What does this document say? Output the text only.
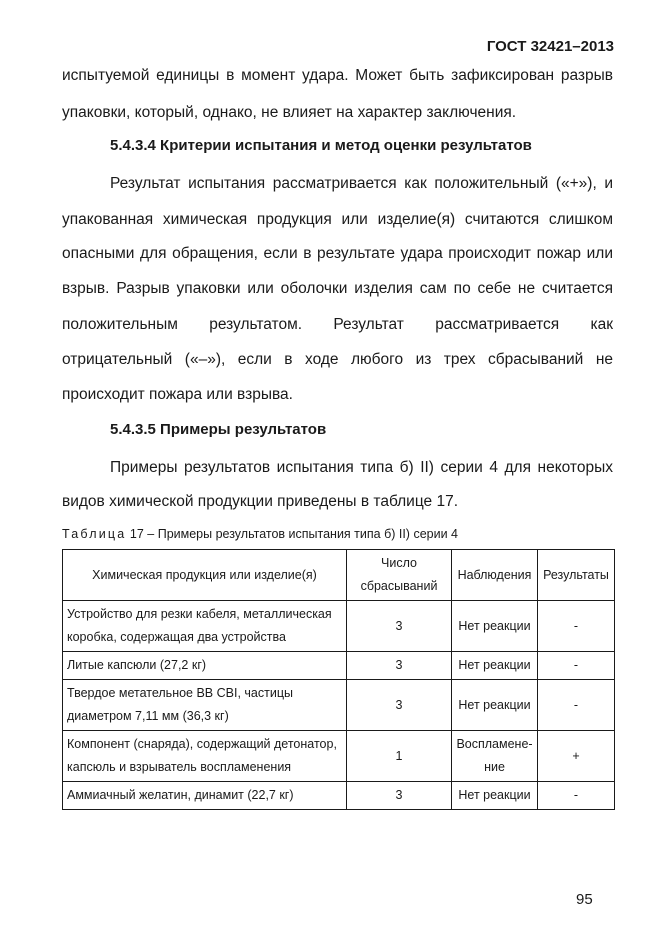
ГОСТ 32421–2013
испытуемой единицы в момент удара. Может быть зафиксирован разрыв
упаковки, который, однако, не влияет на характер заключения.
5.4.3.4 Критерии испытания и метод оценки результатов
Результат испытания рассматривается как положительный («+»), и
упакованная химическая продукция или изделие(я) считаются слишком
опасными для обращения, если в результате удара происходит пожар или
взрыв. Разрыв упаковки или оболочки изделия сам по себе не считается
положительным результатом. Результат рассматривается как
отрицательный («–»), если в ходе любого из трех сбрасываний не
происходит пожара или взрыва.
5.4.3.5 Примеры результатов
Примеры результатов испытания типа б) II) серии 4 для некоторых
видов химической продукции приведены в таблице 17.
Таблица 17 – Примеры результатов испытания типа б) II) серии 4
Химическая продукция или изделие(я)	Число сбрасываний	Наблюдения	Результаты
Устройство для резки кабеля, металлическая коробка, содержащая два устройства	3	Нет реакции	-
Литые капсюли (27,2 кг)	3	Нет реакции	-
Твердое метательное ВВ СВІ, частицы диаметром 7,11 мм (36,3 кг)	3	Нет реакции	-
Компонент (снаряда), содержащий детонатор, капсюль и взрыватель воспламенения	1	Воспламене-ние	+
Аммиачный желатин, динамит (22,7 кг)	3	Нет реакции	-
95
